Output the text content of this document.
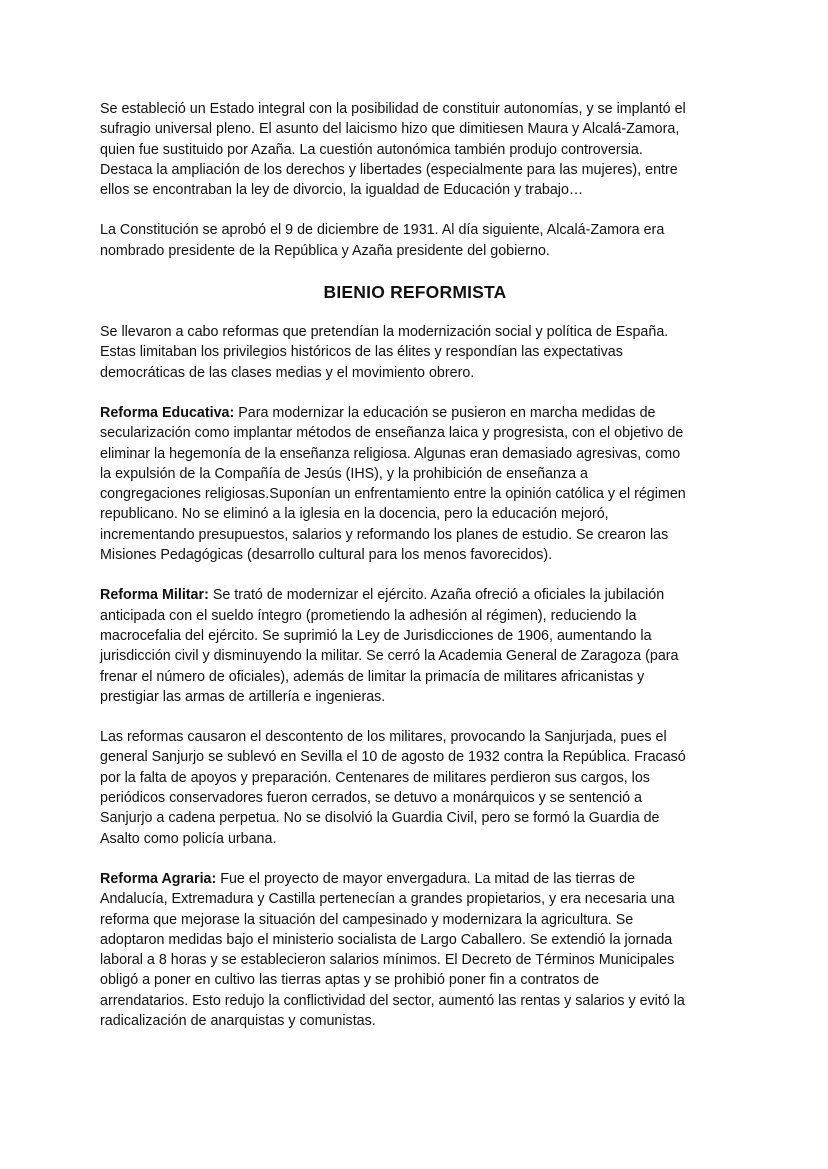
Se estableció un Estado integral con la posibilidad de constituir autonomías, y se implantó el
sufragio universal pleno. El asunto del laicismo hizo que dimitiesen Maura y Alcalá-Zamora,
quien fue sustituido por Azaña. La cuestión autonómica también produjo controversia.
Destaca la ampliación de los derechos y libertades (especialmente para las mujeres), entre
ellos se encontraban la ley de divorcio, la igualdad de Educación y trabajo…
La Constitución se aprobó el 9 de diciembre de 1931. Al día siguiente, Alcalá-Zamora era
nombrado presidente de la República y Azaña presidente del gobierno.
BIENIO REFORMISTA
Se llevaron a cabo reformas que pretendían la modernización social y política de España.
Estas limitaban los privilegios históricos de las élites y respondían las expectativas
democráticas de las clases medias y el movimiento obrero.
Reforma Educativa: Para modernizar la educación se pusieron en marcha medidas de
secularización como implantar métodos de enseñanza laica y progresista, con el objetivo de
eliminar la hegemonía de la enseñanza religiosa. Algunas eran demasiado agresivas, como
la expulsión de la Compañía de Jesús (IHS), y la prohibición de enseñanza a
congregaciones religiosas.Suponían un enfrentamiento entre la opinión católica y el régimen
republicano. No se eliminó a la iglesia en la docencia, pero la educación mejoró,
incrementando presupuestos, salarios y reformando los planes de estudio. Se crearon las
Misiones Pedagógicas (desarrollo cultural para los menos favorecidos).
Reforma Militar: Se trató de modernizar el ejército. Azaña ofreció a oficiales la jubilación
anticipada con el sueldo íntegro (prometiendo la adhesión al régimen), reduciendo la
macrocefalia del ejército. Se suprimió la Ley de Jurisdicciones de 1906, aumentando la
jurisdicción civil y disminuyendo la militar. Se cerró la Academia General de Zaragoza (para
frenar el número de oficiales), además de limitar la primacía de militares africanistas y
prestigiar las armas de artillería e ingenieras.
Las reformas causaron el descontento de los militares, provocando la Sanjurjada, pues el
general Sanjurjo se sublevó en Sevilla el 10 de agosto de 1932 contra la República. Fracasó
por la falta de apoyos y preparación. Centenares de militares perdieron sus cargos, los
periódicos conservadores fueron cerrados, se detuvo a monárquicos y se sentenció a
Sanjurjo a cadena perpetua. No se disolvió la Guardia Civil, pero se formó la Guardia de
Asalto como policía urbana.
Reforma Agraria: Fue el proyecto de mayor envergadura. La mitad de las tierras de
Andalucía, Extremadura y Castilla pertenecían a grandes propietarios, y era necesaria una
reforma que mejorase la situación del campesinado y modernizara la agricultura. Se
adoptaron medidas bajo el ministerio socialista de Largo Caballero. Se extendió la jornada
laboral a 8 horas y se establecieron salarios mínimos. El Decreto de Términos Municipales
obligó a poner en cultivo las tierras aptas y se prohibió poner fin a contratos de
arrendatarios. Esto redujo la conflictividad del sector, aumentó las rentas y salarios y evitó la
radicalización de anarquistas y comunistas.
